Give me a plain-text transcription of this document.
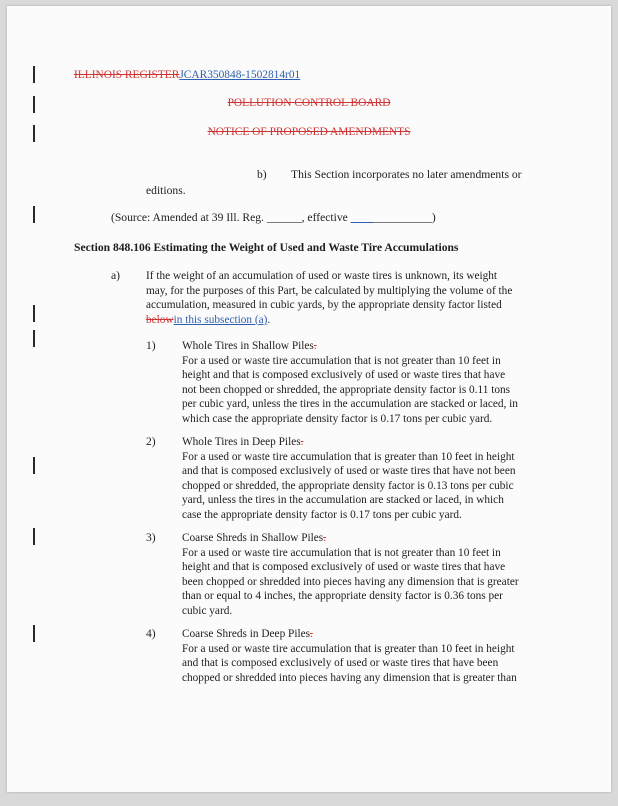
ILLINOIS REGISTERJCAR350848-1502814r01
POLLUTION CONTROL BOARD
NOTICE OF PROPOSED AMENDMENTS
b) This Section incorporates no later amendments or
editions.
(Source: Amended at 39 Ill. Reg. ______, effective ______________)
Section 848.106 Estimating the Weight of Used and Waste Tire Accumulations
a) If the weight of an accumulation of used or waste tires is unknown, its weight
may, for the purposes of this Part, be calculated by multiplying the volume of the
accumulation, measured in cubic yards, by the appropriate density factor listed
belowin this subsection (a).
1) Whole Tires in Shallow Piles.
For a used or waste tire accumulation that is not greater than 10 feet in
height and that is composed exclusively of used or waste tires that have
not been chopped or shredded, the appropriate density factor is 0.11 tons
per cubic yard, unless the tires in the accumulation are stacked or laced, in
which case the appropriate density factor is 0.17 tons per cubic yard.
2) Whole Tires in Deep Piles.
For a used or waste tire accumulation that is greater than 10 feet in height
and that is composed exclusively of used or waste tires that have not been
chopped or shredded, the appropriate density factor is 0.13 tons per cubic
yard, unless the tires in the accumulation are stacked or laced, in which
case the appropriate density factor is 0.17 tons per cubic yard.
3) Coarse Shreds in Shallow Piles.
For a used or waste tire accumulation that is not greater than 10 feet in
height and that is composed exclusively of used or waste tires that have
been chopped or shredded into pieces having any dimension that is greater
than or equal to 4 inches, the appropriate density factor is 0.36 tons per
cubic yard.
4) Coarse Shreds in Deep Piles.
For a used or waste tire accumulation that is greater than 10 feet in height
and that is composed exclusively of used or waste tires that have been
chopped or shredded into pieces having any dimension that is greater than
